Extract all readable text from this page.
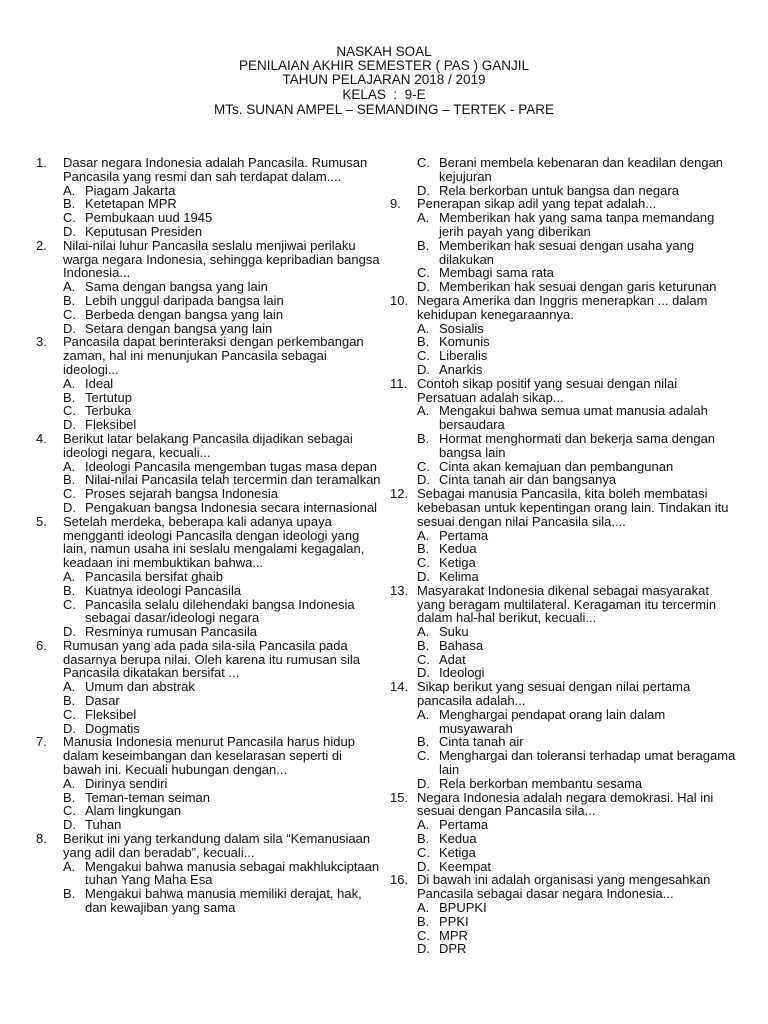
NASKAH SOAL
PENILAIAN AKHIR SEMESTER ( PAS ) GANJIL
TAHUN PELAJARAN 2018 / 2019
KELAS  :  9-E
MTs. SUNAN AMPEL – SEMANDING – TERTEK - PARE
1.	Dasar negara Indonesia adalah Pancasila. Rumusan Pancasila yang resmi dan sah terdapat dalam....
A. Piagam Jakarta
B. Ketetapan MPR
C. Pembukaan uud 1945
D. Keputusan Presiden
2.	Nilai-nilai luhur Pancasila seslalu menjiwai perilaku warga negara Indonesia, sehingga kepribadian bangsa Indonesia...
A. Sama dengan bangsa yang lain
B. Lebih unggul daripada bangsa lain
C. Berbeda dengan bangsa yang lain
D. Setara dengan bangsa yang lain
3.	Pancasila dapat berinteraksi dengan perkembangan zaman, hal ini menunjukan Pancasila sebagai ideologi...
A. Ideal
B. Tertutup
C. Terbuka
D. Fleksibel
4.	Berikut latar belakang Pancasila dijadikan sebagai ideologi negara, kecuali...
A. Ideologi Pancasila mengemban tugas masa depan
B. Nilai-nilai Pancasila telah tercermin dan teramalkan
C. Proses sejarah bangsa Indonesia
D. Pengakuan bangsa Indonesia secara internasional
5.	Setelah merdeka, beberapa kali adanya upaya mengganti ideologi Pancasila dengan ideologi yang lain, namun usaha ini seslalu mengalami kegagalan, keadaan ini membuktikan bahwa...
A. Pancasila bersifat ghaib
B. Kuatnya ideologi Pancasila
C. Pancasila selalu dilehendaki bangsa Indonesia sebagai dasar/ideologi negara
D. Resminya rumusan Pancasila
6.	Rumusan yang ada pada sila-sila Pancasila pada dasarnya berupa nilai. Oleh karena itu rumusan sila Pancasila dikatakan bersifat ...
A. Umum dan abstrak
B. Dasar
C. Fleksibel
D. Dogmatis
7.	Manusia Indonesia menurut Pancasila harus hidup dalam keseimbangan dan keselarasan seperti di bawah ini. Kecuali hubungan dengan...
A. Dirinya sendiri
B. Teman-teman seiman
C. Alam lingkungan
D. Tuhan
8.	Berikut ini yang terkandung dalam sila “Kemanusiaan yang adil dan beradab”, kecuali...
A. Mengakui bahwa manusia sebagai makhlukciptaan tuhan Yang Maha Esa
B. Mengakui bahwa manusia memiliki derajat, hak, dan kewajiban yang sama
C. Berani membela kebenaran dan keadilan dengan kejujuran
D. Rela berkorban untuk bangsa dan negara
9.	Penerapan sikap adil yang tepat adalah...
A. Memberikan hak yang sama tanpa memandang jerih payah yang diberikan
B. Memberikan hak sesuai dengan usaha yang dilakukan
C. Membagi sama rata
D. Memberikan hak sesuai dengan garis keturunan
10. Negara Amerika dan Inggris menerapkan ... dalam kehidupan kenegaraannya.
A. Sosialis
B. Komunis
C. Liberalis
D. Anarkis
11. Contoh sikap positif yang sesuai dengan nilai Persatuan adalah sikap...
A. Mengakui bahwa semua umat manusia adalah bersaudara
B. Hormat menghormati dan bekerja sama dengan bangsa lain
C. Cinta akan kemajuan dan pembangunan
D. Cinta tanah air dan bangsanya
12. Sebagai manusia Pancasila, kita boleh membatasi kebebasan untuk kepentingan orang lain. Tindakan itu sesuai dengan nilai Pancasila sila....
A. Pertama
B. Kedua
C. Ketiga
D. Kelima
13. Masyarakat Indonesia dikenal sebagai masyarakat yang beragam multilateral. Keragaman itu tercermin dalam hal-hal berikut, kecuali...
A. Suku
B. Bahasa
C. Adat
D. Ideologi
14. Sikap berikut yang sesuai dengan nilai pertama pancasila adalah...
A. Menghargai pendapat orang lain dalam musyawarah
B. Cinta tanah air
C. Menghargai dan toleransi terhadap umat beragama lain
D. Rela berkorban membantu sesama
15. Negara Indonesia adalah negara demokrasi. Hal ini sesuai dengan Pancasila sila...
A. Pertama
B. Kedua
C. Ketiga
D. Keempat
16. Di bawah ini adalah organisasi yang mengesahkan Pancasila sebagai dasar negara Indonesia...
A. BPUPKI
B. PPKI
C. MPR
D. DPR
